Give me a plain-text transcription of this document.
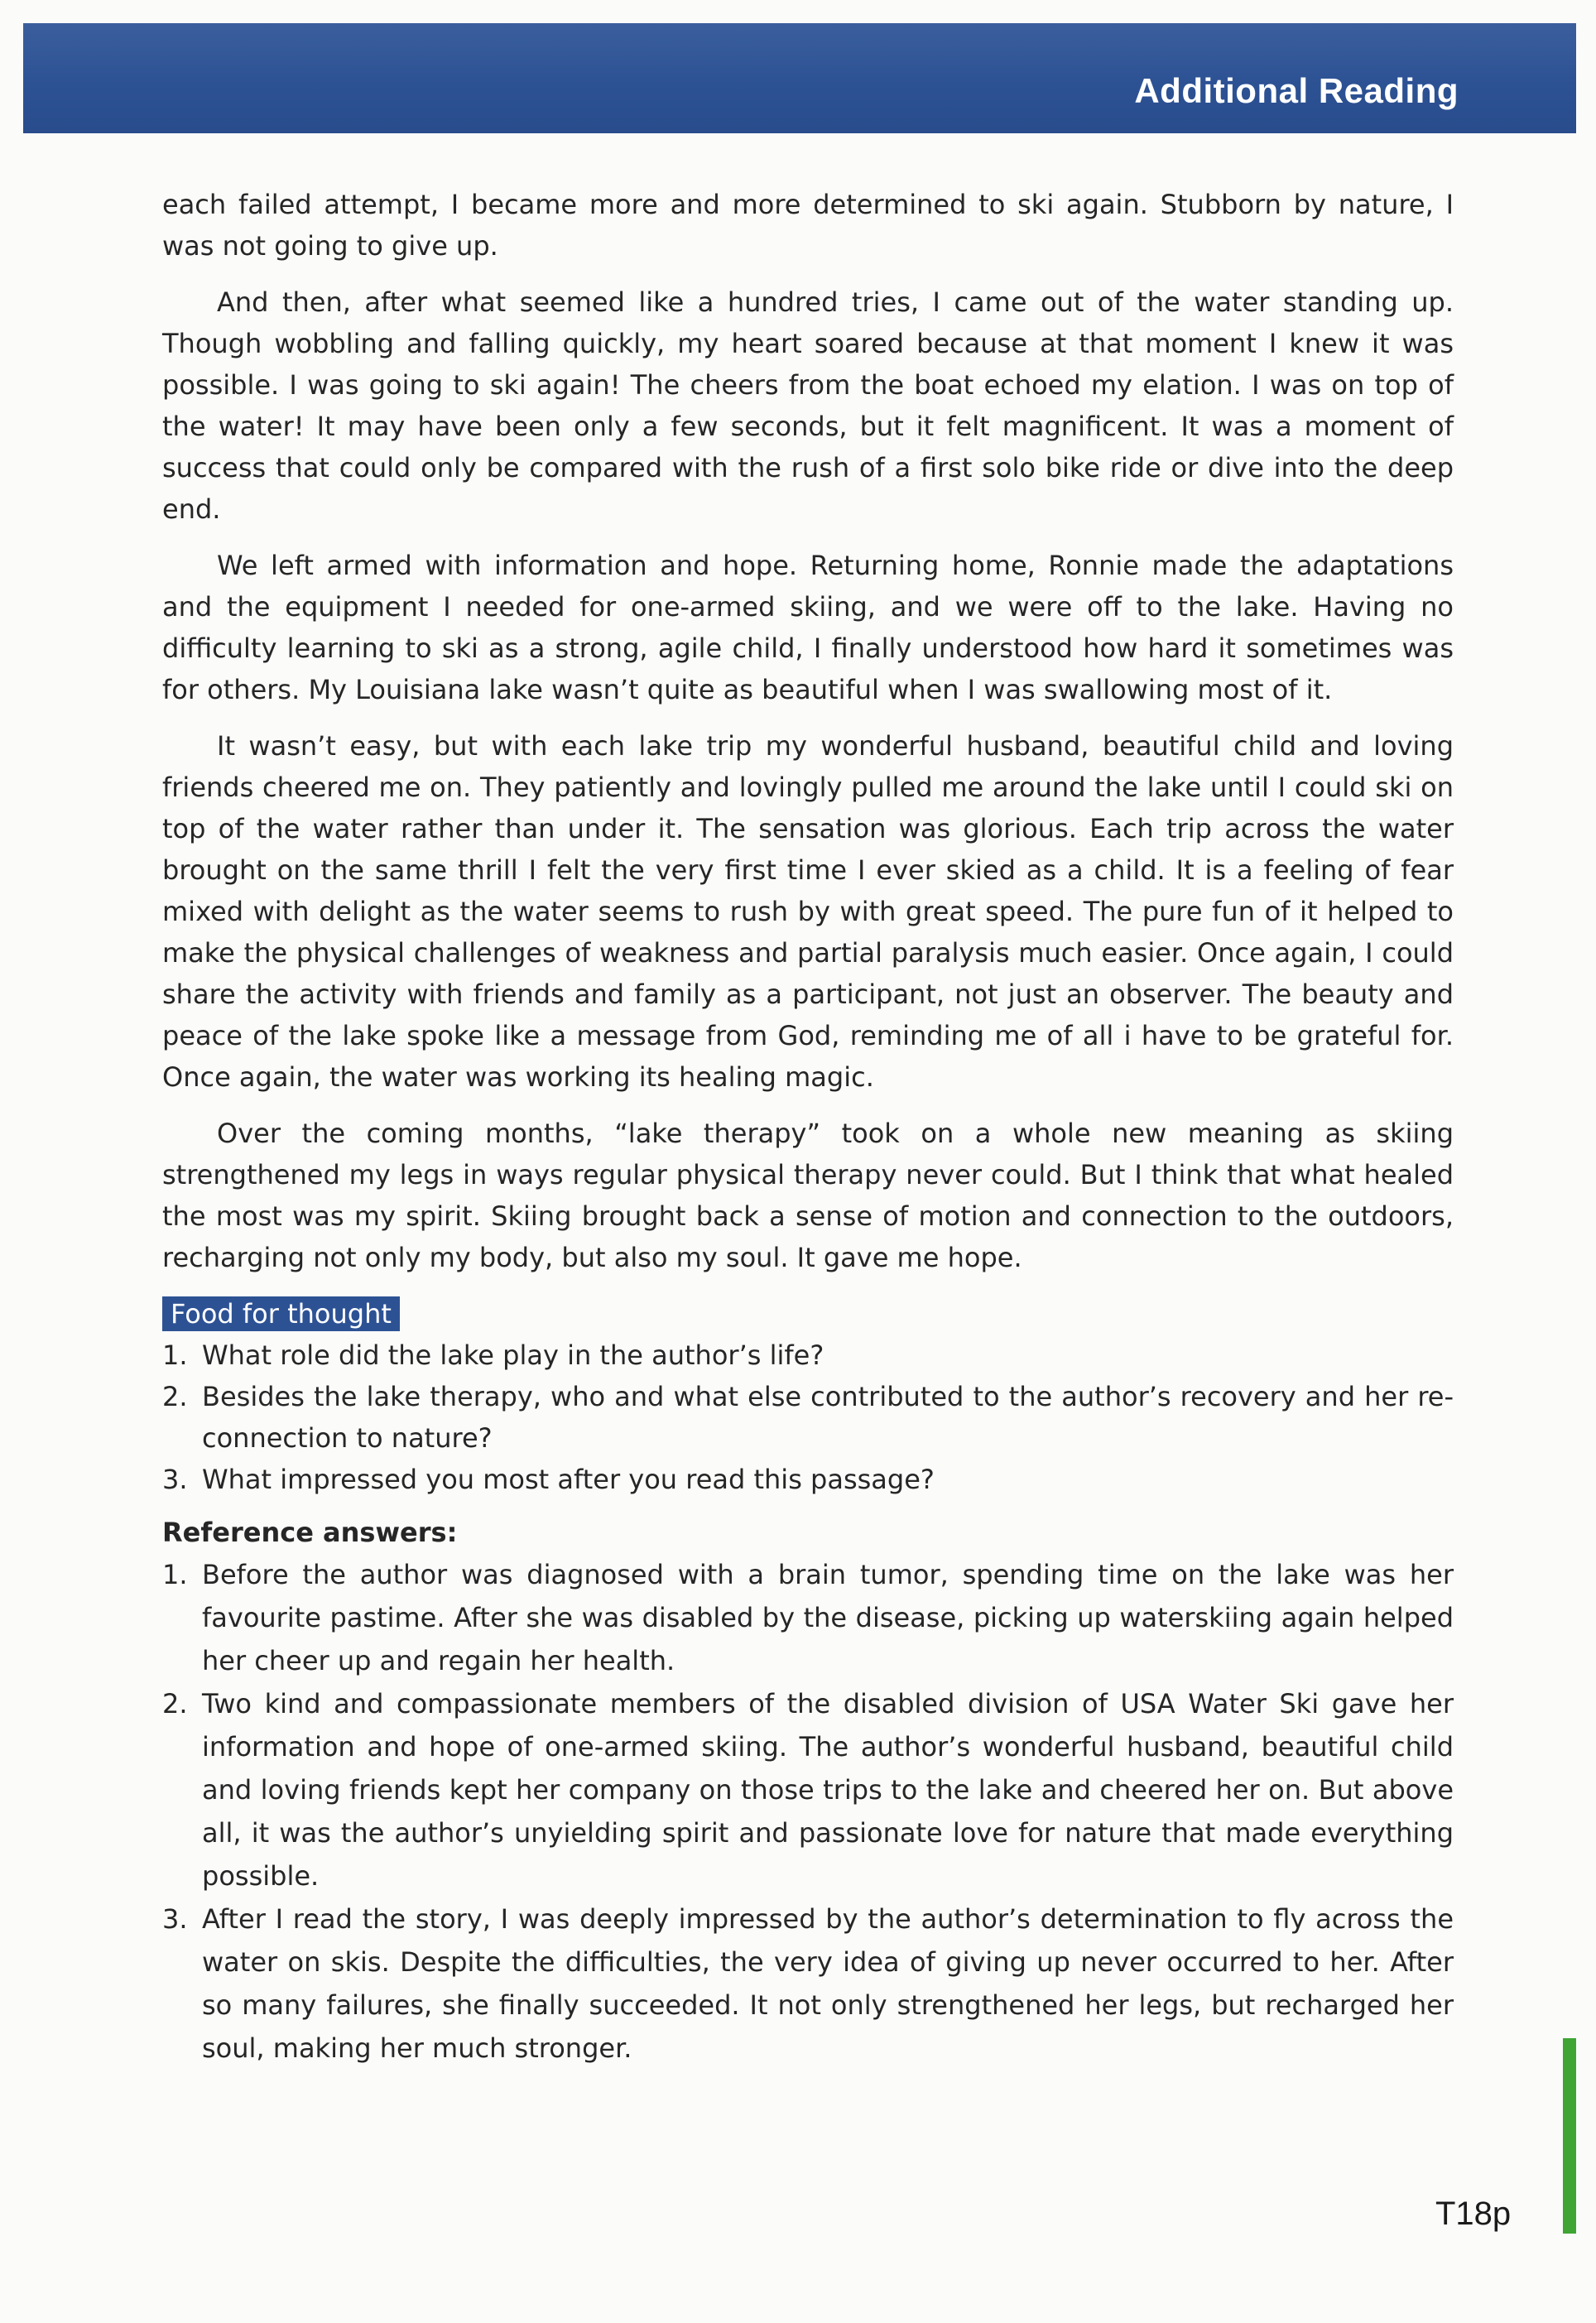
Additional Reading

each failed attempt, I became more and more determined to ski again. Stubborn by nature, I was not going to give up.

And then, after what seemed like a hundred tries, I came out of the water standing up. Though wobbling and falling quickly, my heart soared because at that moment I knew it was possible. I was going to ski again! The cheers from the boat echoed my elation. I was on top of the water! It may have been only a few seconds, but it felt magnificent. It was a moment of success that could only be compared with the rush of a first solo bike ride or dive into the deep end.

We left armed with information and hope. Returning home, Ronnie made the adaptations and the equipment I needed for one-armed skiing, and we were off to the lake. Having no difficulty learning to ski as a strong, agile child, I finally understood how hard it sometimes was for others. My Louisiana lake wasn’t quite as beautiful when I was swallowing most of it.

It wasn’t easy, but with each lake trip my wonderful husband, beautiful child and loving friends cheered me on. They patiently and lovingly pulled me around the lake until I could ski on top of the water rather than under it. The sensation was glorious. Each trip across the water brought on the same thrill I felt the very first time I ever skied as a child. It is a feeling of fear mixed with delight as the water seems to rush by with great speed. The pure fun of it helped to make the physical challenges of weakness and partial paralysis much easier. Once again, I could share the activity with friends and family as a participant, not just an observer. The beauty and peace of the lake spoke like a message from God, reminding me of all i have to be grateful for. Once again, the water was working its healing magic.

Over the coming months, “lake therapy” took on a whole new meaning as skiing strengthened my legs in ways regular physical therapy never could. But I think that what healed the most was my spirit. Skiing brought back a sense of motion and connection to the outdoors, recharging not only my body, but also my soul. It gave me hope.

Food for thought
1. What role did the lake play in the author’s life?
2. Besides the lake therapy, who and what else contributed to the author’s recovery and her re-connection to nature?
3. What impressed you most after you read this passage?

Reference answers:

1. Before the author was diagnosed with a brain tumor, spending time on the lake was her favourite pastime. After she was disabled by the disease, picking up waterskiing again helped her cheer up and regain her health.
2. Two kind and compassionate members of the disabled division of USA Water Ski gave her information and hope of one-armed skiing. The author’s wonderful husband, beautiful child and loving friends kept her company on those trips to the lake and cheered her on. But above all, it was the author’s unyielding spirit and passionate love for nature that made everything possible.
3. After I read the story, I was deeply impressed by the author’s determination to fly across the water on skis. Despite the difficulties, the very idea of giving up never occurred to her. After so many failures, she finally succeeded. It not only strengthened her legs, but recharged her soul, making her much stronger.
T18p
